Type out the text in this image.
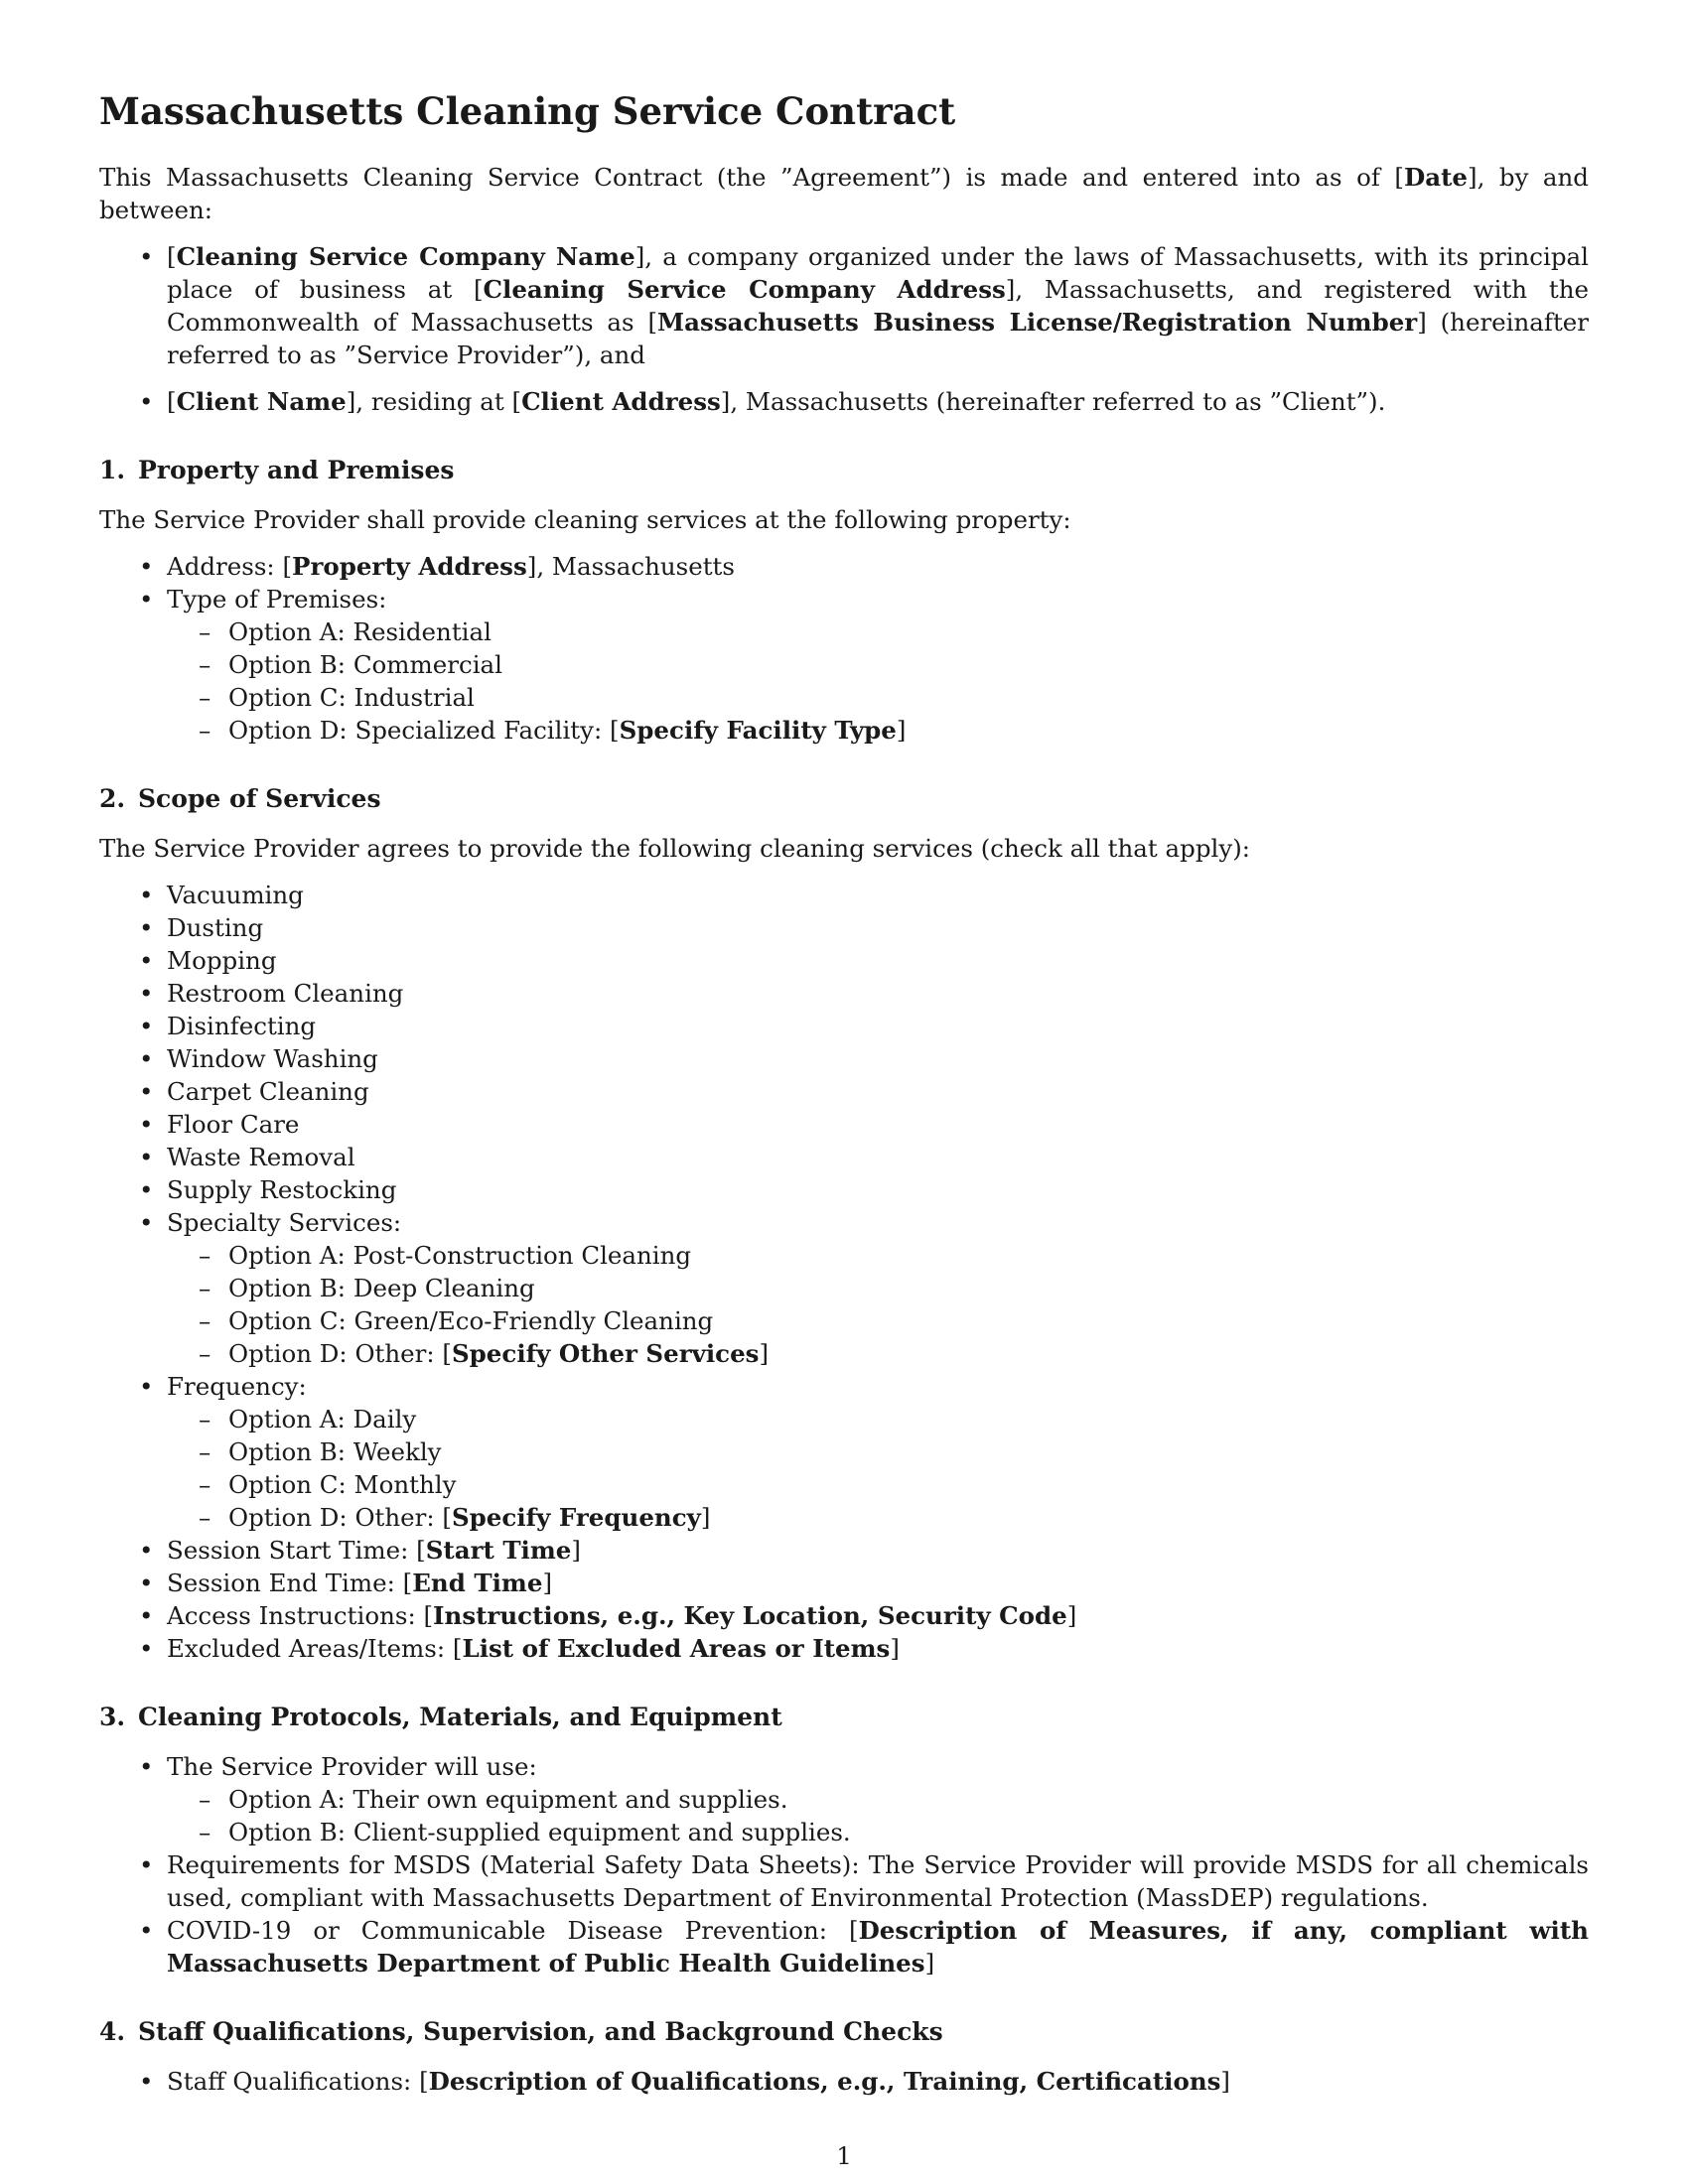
Massachusetts Cleaning Service Contract

This Massachusetts Cleaning Service Contract (the ”Agreement”) is made and entered into as of [Date], by and between:

• [Cleaning Service Company Name], a company organized under the laws of Massachusetts, with its principal place of business at [Cleaning Service Company Address], Massachusetts, and registered with the Commonwealth of Massachusetts as [Massachusetts Business License/Registration Number] (hereinafter referred to as ”Service Provider”), and
• [Client Name], residing at [Client Address], Massachusetts (hereinafter referred to as ”Client”).
1. Property and Premises

The Service Provider shall provide cleaning services at the following property:

• Address: [Property Address], Massachusetts
• Type of Premises:
– Option A: Residential
– Option B: Commercial
– Option C: Industrial
– Option D: Specialized Facility: [Specify Facility Type]
2. Scope of Services

The Service Provider agrees to provide the following cleaning services (check all that apply):

• Vacuuming
• Dusting
• Mopping
• Restroom Cleaning
• Disinfecting
• Window Washing
• Carpet Cleaning
• Floor Care
• Waste Removal
• Supply Restocking
• Specialty Services:
– Option A: Post-Construction Cleaning
– Option B: Deep Cleaning
– Option C: Green/Eco-Friendly Cleaning
– Option D: Other: [Specify Other Services]
• Frequency:
– Option A: Daily
– Option B: Weekly
– Option C: Monthly
– Option D: Other: [Specify Frequency]
• Session Start Time: [Start Time]
• Session End Time: [End Time]
• Access Instructions: [Instructions, e.g., Key Location, Security Code]
• Excluded Areas/Items: [List of Excluded Areas or Items]
3. Cleaning Protocols, Materials, and Equipment
• The Service Provider will use:
– Option A: Their own equipment and supplies.
– Option B: Client-supplied equipment and supplies.
• Requirements for MSDS (Material Safety Data Sheets): The Service Provider will provide MSDS for all chemicals used, compliant with Massachusetts Department of Environmental Protection (MassDEP) regulations.
• COVID-19 or Communicable Disease Prevention: [Description of Measures, if any, compliant with Massachusetts Department of Public Health Guidelines]
4. Staff Qualifications, Supervision, and Background Checks
• Staff Qualifications: [Description of Qualifications, e.g., Training, Certifications]
1
